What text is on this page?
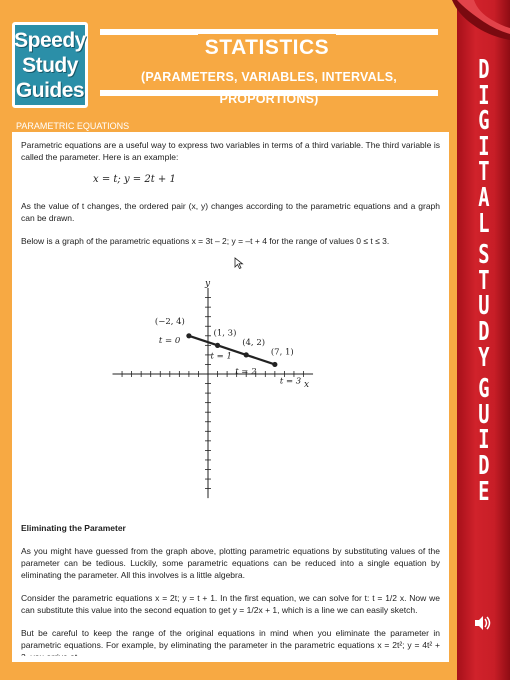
Speedy
Study
Guides
STATISTICS
(PARAMETERS, VARIABLES, INTERVALS, PROPORTIONS)
PARAMETRIC EQUATIONS

Parametric equations are a useful way to express two variables in terms of a third variable. The third variable is called the parameter. Here is an example:

x = t; y = 2t + 1

As the value of t changes, the ordered pair (x, y) changes according to the parametric equations and a graph can be drawn.

Below is a graph of the parametric equations x = 3t – 2; y = –t + 4 for the range of values 0 ≤ t ≤ 3.

x
y
(−2, 4)
t = 0
(1, 3)
t = 1
(4, 2)
t = 2
(7, 1)
t = 3

Eliminating the Parameter

As you might have guessed from the graph above, plotting parametric equations by substituting values of the parameter can be tedious. Luckily, some parametric equations can be reduced into a single equation by eliminating the parameter. All this involves is a little algebra.

Consider the parametric equations x = 2t; y = t + 1. In the first equation, we can solve for t: t = 1/2 x. Now we can substitute this value into the second equation to get y = 1/2x + 1, which is a line we can easily sketch.

But be careful to keep the range of the original equations in mind when you eliminate the parameter in parametric equations. For example, by eliminating the parameter in the parametric equations x = 2t²; y = 4t² +

D
I
G
I
T
A
L

S
T
U
D
Y

G
U
I
D
E
